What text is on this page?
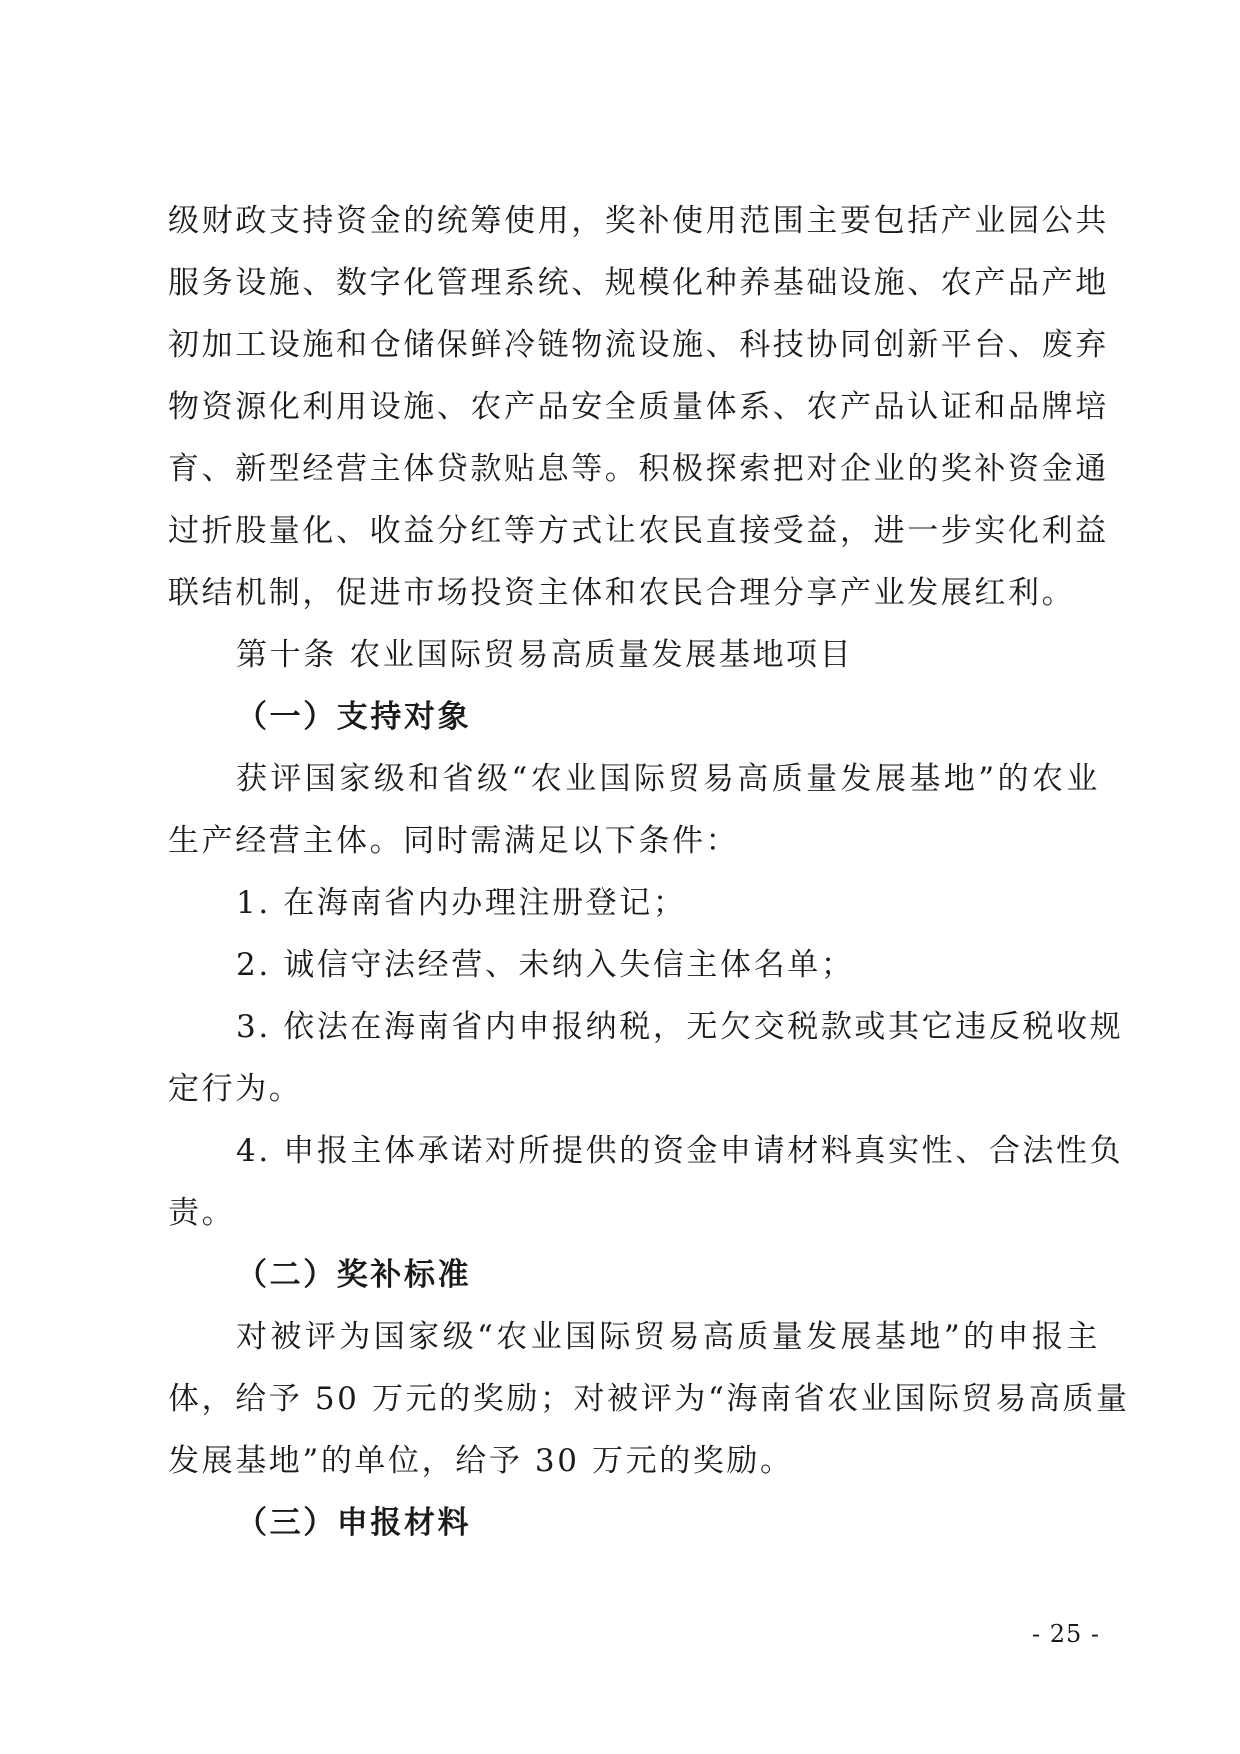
级财政支持资金的统筹使用，奖补使用范围主要包括产业园公共
服务设施、数字化管理系统、规模化种养基础设施、农产品产地
初加工设施和仓储保鲜冷链物流设施、科技协同创新平台、废弃
物资源化利用设施、农产品安全质量体系、农产品认证和品牌培
育、新型经营主体贷款贴息等。积极探索把对企业的奖补资金通
过折股量化、收益分红等方式让农民直接受益，进一步实化利益
联结机制，促进市场投资主体和农民合理分享产业发展红利。
第十条 农业国际贸易高质量发展基地项目
（一）支持对象
获评国家级和省级“农业国际贸易高质量发展基地”的农业
生产经营主体。同时需满足以下条件：
1. 在海南省内办理注册登记；
2. 诚信守法经营、未纳入失信主体名单；
3. 依法在海南省内申报纳税，无欠交税款或其它违反税收规
定行为。
4. 申报主体承诺对所提供的资金申请材料真实性、合法性负
责。
（二）奖补标准
对被评为国家级“农业国际贸易高质量发展基地”的申报主
体，给予 50 万元的奖励；对被评为“海南省农业国际贸易高质量
发展基地”的单位，给予 30 万元的奖励。
（三）申报材料
- 25 -
